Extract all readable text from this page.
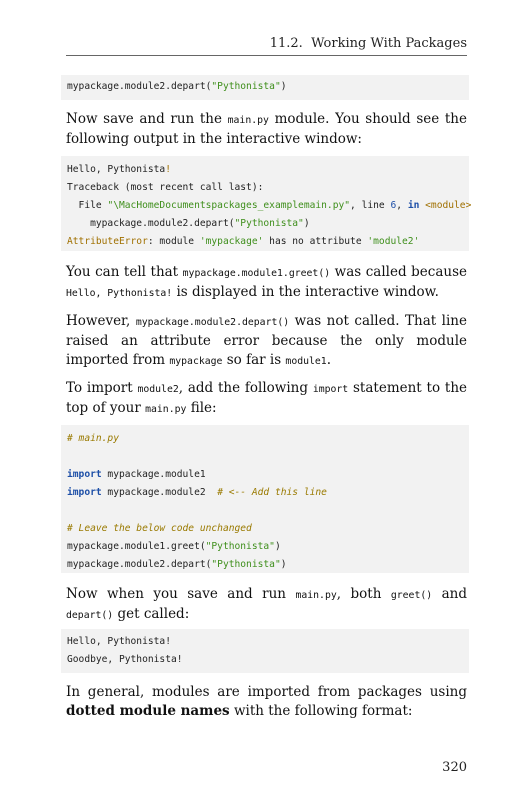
11.2. Working With Packages
mypackage.module2.depart("Pythonista")
Now save and run the main.py module. You should see the following output in the interactive window:
Hello, Pythonista!
Traceback (most recent call last):
File "\MacHomeDocumentspackages_examplemain.py", line 6, in <module>
mypackage.module2.depart("Pythonista")
AttributeError: module 'mypackage' has no attribute 'module2'
You can tell that mypackage.module1.greet() was called because Hello, Pythonista! is displayed in the interactive window.
However, mypackage.module2.depart() was not called. That line raised an attribute error because the only module imported from mypackage so far is module1.
To import module2, add the following import statement to the top of your main.py file:
# main.py
import mypackage.module1
import mypackage.module2  # <-- Add this line
# Leave the below code unchanged
mypackage.module1.greet("Pythonista")
mypackage.module2.depart("Pythonista")
Now when you save and run main.py, both greet() and depart() get called:
Hello, Pythonista!
Goodbye, Pythonista!
In general, modules are imported from packages using dotted module names with the following format:
320
